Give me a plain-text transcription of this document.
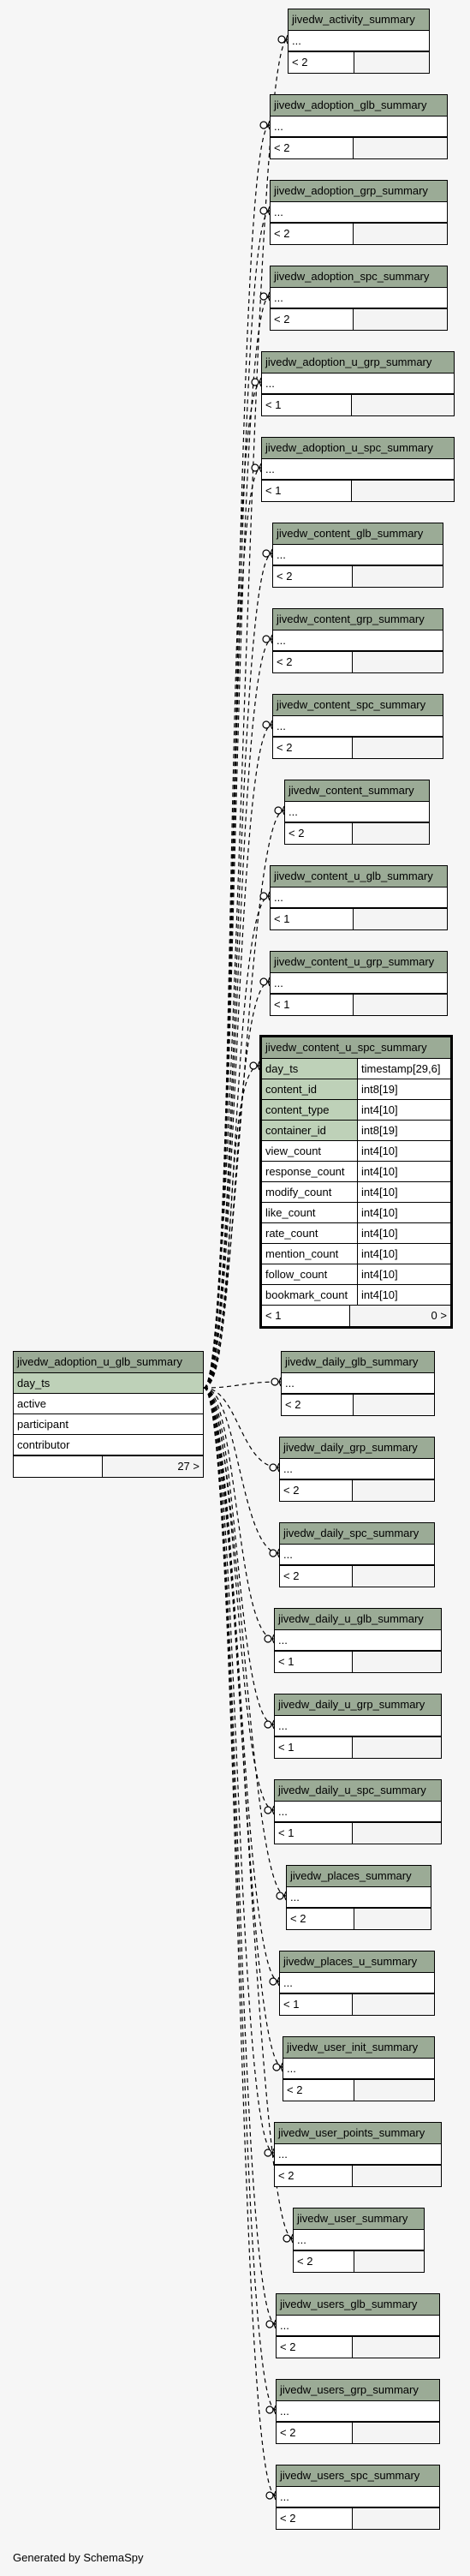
jivedw_adoption_u_glb_summary
day_ts
active
participant
contributor
27 >
jivedw_content_u_spc_summary
day_ts	timestamp[29,6]
content_id	int8[19]
content_type	int4[10]
container_id	int8[19]
view_count	int4[10]
response_count	int4[10]
modify_count	int4[10]
like_count	int4[10]
rate_count	int4[10]
mention_count	int4[10]
follow_count	int4[10]
bookmark_count	int4[10]
< 1	0 >
jivedw_activity_summary
...
< 2
jivedw_adoption_glb_summary
...
< 2
jivedw_adoption_grp_summary
...
< 2
jivedw_adoption_spc_summary
...
< 2
jivedw_adoption_u_grp_summary
...
< 1
jivedw_adoption_u_spc_summary
...
< 1
jivedw_content_glb_summary
...
< 2
jivedw_content_grp_summary
...
< 2
jivedw_content_spc_summary
...
< 2
jivedw_content_summary
...
< 2
jivedw_content_u_glb_summary
...
< 1
jivedw_content_u_grp_summary
...
< 1
jivedw_daily_glb_summary
...
< 2
jivedw_daily_grp_summary
...
< 2
jivedw_daily_spc_summary
...
< 2
jivedw_daily_u_glb_summary
...
< 1
jivedw_daily_u_grp_summary
...
< 1
jivedw_daily_u_spc_summary
...
< 1
jivedw_places_summary
...
< 2
jivedw_places_u_summary
...
< 1
jivedw_user_init_summary
...
< 2
jivedw_user_points_summary
...
< 2
jivedw_user_summary
...
< 2
jivedw_users_glb_summary
...
< 2
jivedw_users_grp_summary
...
< 2
jivedw_users_spc_summary
...
< 2
Generated by SchemaSpy
